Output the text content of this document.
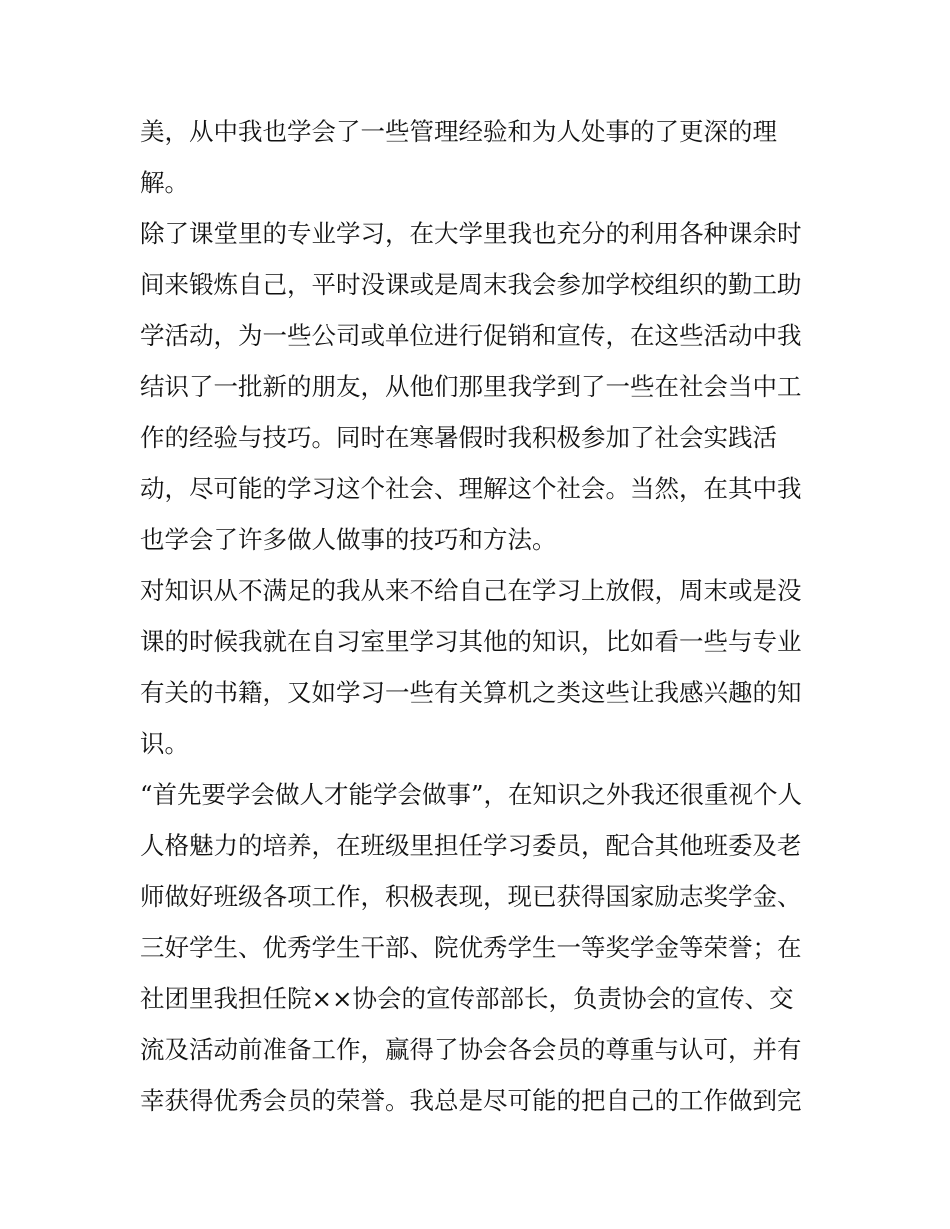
美，从中我也学会了一些管理经验和为人处事的了更深的理
解。
除了课堂里的专业学习，在大学里我也充分的利用各种课余时
间来锻炼自己，平时没课或是周末我会参加学校组织的勤工助
学活动，为一些公司或单位进行促销和宣传，在这些活动中我
结识了一批新的朋友，从他们那里我学到了一些在社会当中工
作的经验与技巧。同时在寒暑假时我积极参加了社会实践活
动，尽可能的学习这个社会、理解这个社会。当然，在其中我
也学会了许多做人做事的技巧和方法。
对知识从不满足的我从来不给自己在学习上放假，周末或是没
课的时候我就在自习室里学习其他的知识，比如看一些与专业
有关的书籍，又如学习一些有关算机之类这些让我感兴趣的知
识。
“首先要学会做人才能学会做事”，在知识之外我还很重视个人
人格魅力的培养，在班级里担任学习委员，配合其他班委及老
师做好班级各项工作，积极表现，现已获得国家励志奖学金、
三好学生、优秀学生干部、院优秀学生一等奖学金等荣誉；在
社团里我担任院××协会的宣传部部长，负责协会的宣传、交
流及活动前准备工作，赢得了协会各会员的尊重与认可，并有
幸获得优秀会员的荣誉。我总是尽可能的把自己的工作做到完
